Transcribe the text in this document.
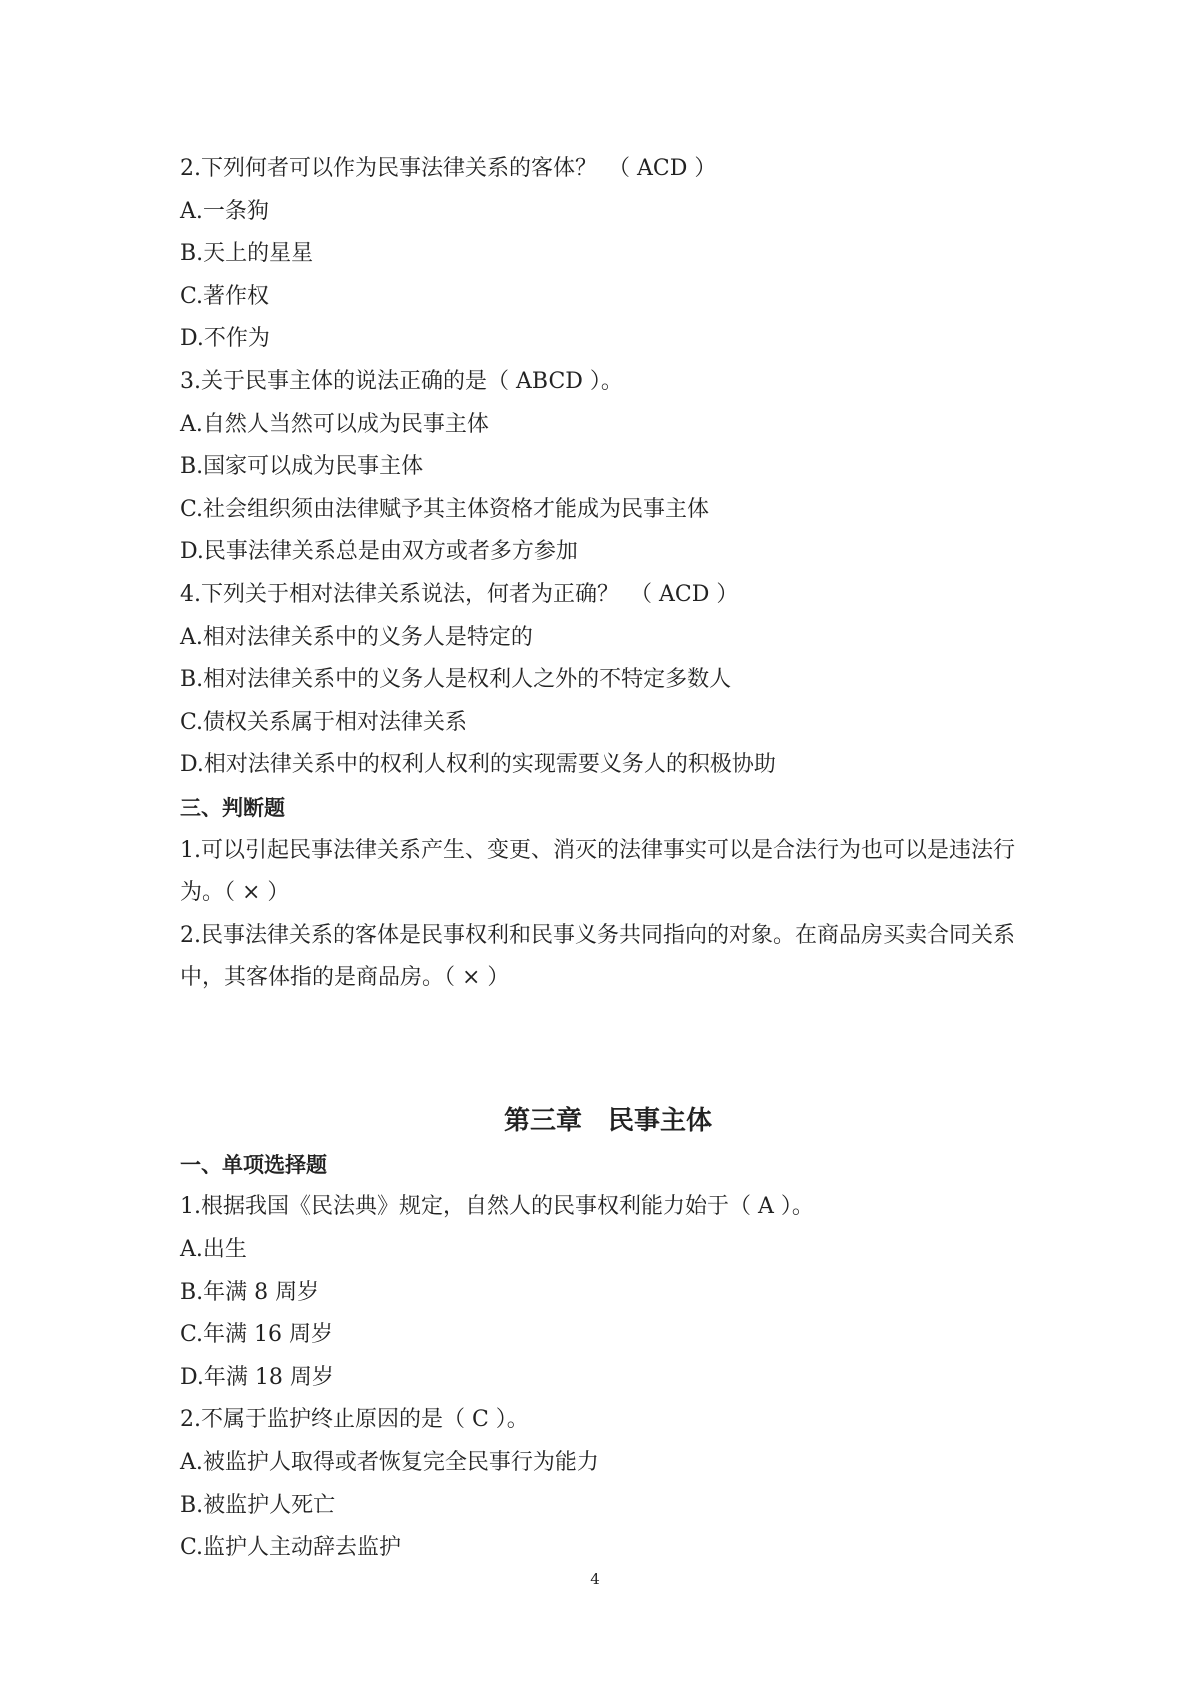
2.下列何者可以作为民事法律关系的客体？　（ ACD ）
A.一条狗
B.天上的星星
C.著作权
D.不作为
3.关于民事主体的说法正确的是（ ABCD ）。
A.自然人当然可以成为民事主体
B.国家可以成为民事主体
C.社会组织须由法律赋予其主体资格才能成为民事主体
D.民事法律关系总是由双方或者多方参加
4.下列关于相对法律关系说法，何者为正确？　（ ACD ）
A.相对法律关系中的义务人是特定的
B.相对法律关系中的义务人是权利人之外的不特定多数人
C.债权关系属于相对法律关系
D.相对法律关系中的权利人权利的实现需要义务人的积极协助
三、判断题
1.可以引起民事法律关系产生、变更、消灭的法律事实可以是合法行为也可以是违法行为。（ × ）
2.民事法律关系的客体是民事权利和民事义务共同指向的对象。在商品房买卖合同关系中，其客体指的是商品房。（ × ）
第三章　民事主体
一、单项选择题
1.根据我国《民法典》规定，自然人的民事权利能力始于（ A ）。
A.出生
B.年满 8 周岁
C.年满 16 周岁
D.年满 18 周岁
2.不属于监护终止原因的是（ C ）。
A.被监护人取得或者恢复完全民事行为能力
B.被监护人死亡
C.监护人主动辞去监护
4
